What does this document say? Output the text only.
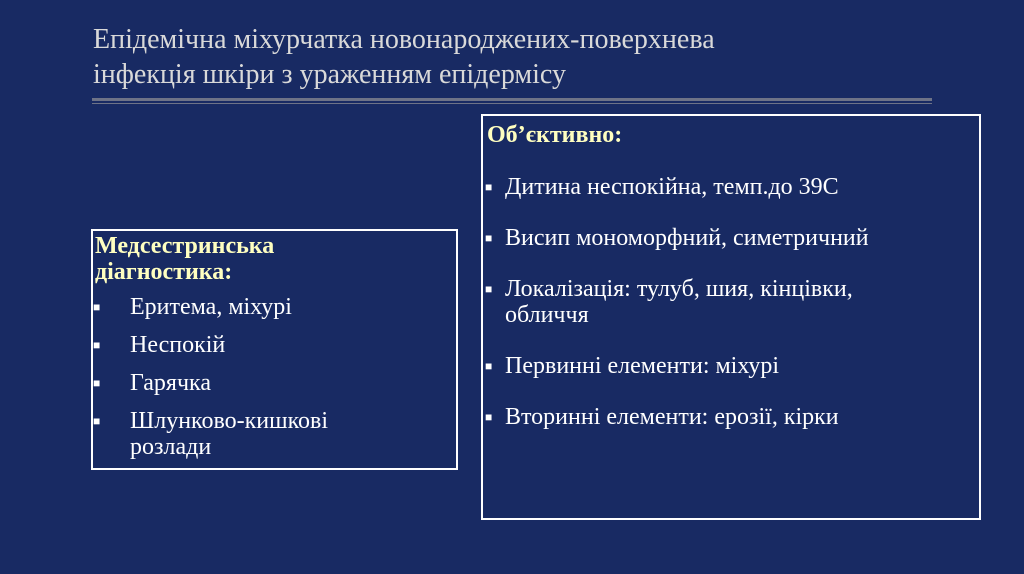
Епідемічна міхурчатка новонароджених-поверхнева
інфекція шкіри з ураженням епідермісу
Медсестринська
діагностика:
■	Еритема, міхурі
■	Неспокій
■	Гарячка
■	Шлунково-кишкові
розлади
Об’єктивно:
■ Дитина неспокійна, темп.до 39С
■ Висип мономорфний, симетричний
■ Локалізація: тулуб, шия, кінцівки,
обличчя
■ Первинні елементи: міхурі
■ Вторинні елементи: ерозії, кірки
